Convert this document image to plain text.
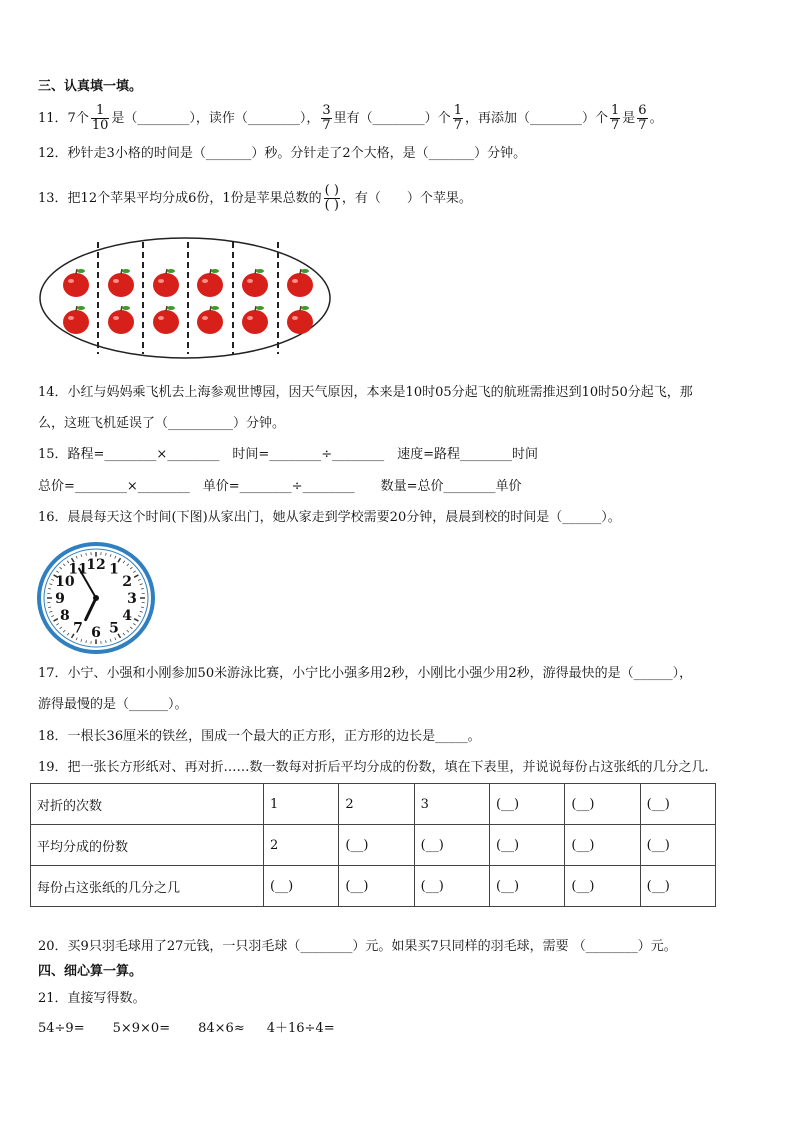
三、认真填一填。
11．7个 $\frac{1}{10}$ 是（________），读作（________）， $\frac{3}{7}$ 里有（________）个 $\frac{1}{7}$ ，再添加（________）个 $\frac{1}{7}$ 是 $\frac{6}{7}$ 。
12．秒针走3小格的时间是（_______）秒。分针走了2个大格，是（_______）分钟。
13．把12个苹果平均分成6份，1份是苹果总数的 $\frac{( )}{( )}$ ，有（　　）个苹果。
14．小红与妈妈乘飞机去上海参观世博园，因天气原因，本来是10时05分起飞的航班需推迟到10时50分起飞，那
么，这班飞机延误了（__________）分钟。
15．路程=________×________　时间=________÷________　速度=路程________时间
总价=________×________　单价=________÷________　　数量=总价________单价
16．晨晨每天这个时间(下图)从家出门，她从家走到学校需要20分钟，晨晨到校的时间是（______）。
12 1
2
3
4
5
6
7
8
9
10
11
17．小宁、小强和小刚参加50米游泳比赛，小宁比小强多用2秒，小刚比小强少用2秒，游得最快的是（______），
游得最慢的是（______）。
18．一根长36厘米的铁丝，围成一个最大的正方形，正方形的边长是_____。
19．把一张长方形纸对、再对折……数一数每对折后平均分成的份数，填在下表里，并说说每份占这张纸的几分之几.
对折的次数	1	2	3	(__)	(__)	(__)
平均分成的份数	2	(__)	(__)	(__)	(__)	(__)
每份占这张纸的几分之几	(__)	(__)	(__)	(__)	(__)	(__)
20．买9只羽毛球用了27元钱，一只羽毛球（________）元。如果买7只同样的羽毛球，需要 （________）元。
四、细心算一算。
21．直接写得数。
54÷9= 5×9×0= 84×6≈ 4＋16÷4=
